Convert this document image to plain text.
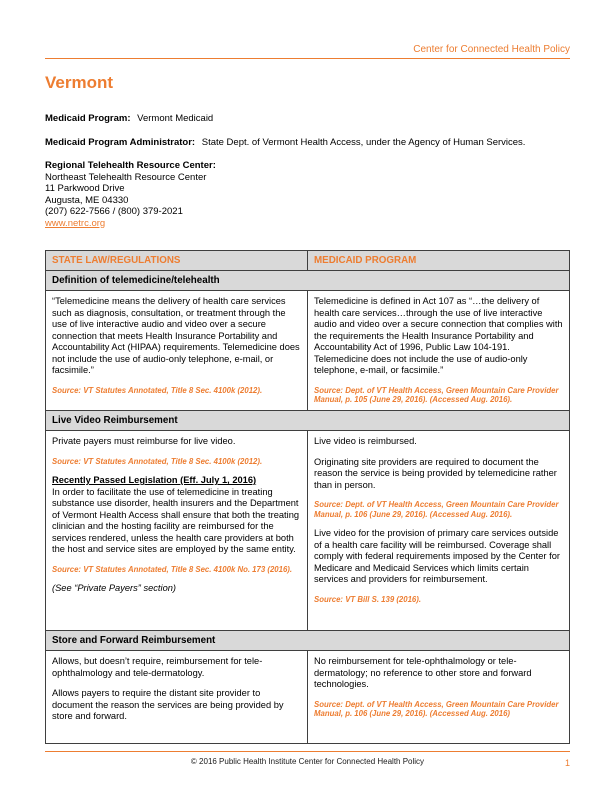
Center for Connected Health Policy
Vermont
Medicaid Program: Vermont Medicaid
Medicaid Program Administrator: State Dept. of Vermont Health Access, under the Agency of Human Services.
Regional Telehealth Resource Center:
Northeast Telehealth Resource Center
11 Parkwood Drive
Augusta, ME 04330
(207) 622-7566 / (800) 379-2021
www.netrc.org
STATE LAW/REGULATIONS	MEDICAID PROGRAM
Definition of telemedicine/telehealth	

“Telemedicine means the delivery of health care services such as diagnosis, consultation, or treatment through the use of live interactive audio and video over a secure connection that meets Health Insurance Portability and Accountability Act (HIPAA) requirements. Telemedicine does not include the use of audio-only telephone, e-mail, or facsimile.”
Source: VT Statutes Annotated, Title 8 Sec. 4100k (2012).

Telemedicine is defined in Act 107 as “…the delivery of health care services…through the use of live interactive audio and video over a secure connection that complies with the requirements the Health Insurance Portability and Accountability Act of 1996, Public Law 104-191. Telemedicine does not include the use of audio-only telephone, e-mail, or facsimile.”
Source: Dept. of VT Health Access, Green Mountain Care Provider Manual, p. 105 (June 29, 2016). (Accessed Aug. 2016).

Live Video Reimbursement	

Private payers must reimburse for live video.
Source: VT Statutes Annotated, Title 8 Sec. 4100k (2012).
Recently Passed Legislation (Eff. July 1, 2016)
In order to facilitate the use of telemedicine in treating substance use disorder, health insurers and the Department of Vermont Health Access shall ensure that both the treating clinician and the hosting facility are reimbursed for the services rendered, unless the health care providers at both the host and service sites are employed by the same entity.
Source: VT Statutes Annotated, Title 8 Sec. 4100k No. 173 (2016).
(See “Private Payers” section)

Live video is reimbursed.
Originating site providers are required to document the reason the service is being provided by telemedicine rather than in person.
Source: Dept. of VT Health Access, Green Mountain Care Provider Manual, p. 106 (June 29, 2016). (Accessed Aug. 2016).
Live video for the provision of primary care services outside of a health care facility will be reimbursed. Coverage shall comply with federal requirements imposed by the Center for Medicare and Medicaid Services which limits certain services and providers for reimbursement.
Source: VT Bill S. 139 (2016).

Store and Forward Reimbursement	

Allows, but doesn’t require, reimbursement for tele-ophthalmology and tele-dermatology.
Allows payers to require the distant site provider to document the reason the services are being provided by store and forward.

No reimbursement for tele-ophthalmology or tele-dermatology; no reference to other store and forward technologies.
Source: Dept. of VT Health Access, Green Mountain Care Provider Manual, p. 106 (June 29, 2016). (Accessed Aug. 2016)
© 2016 Public Health Institute Center for Connected Health Policy	1
